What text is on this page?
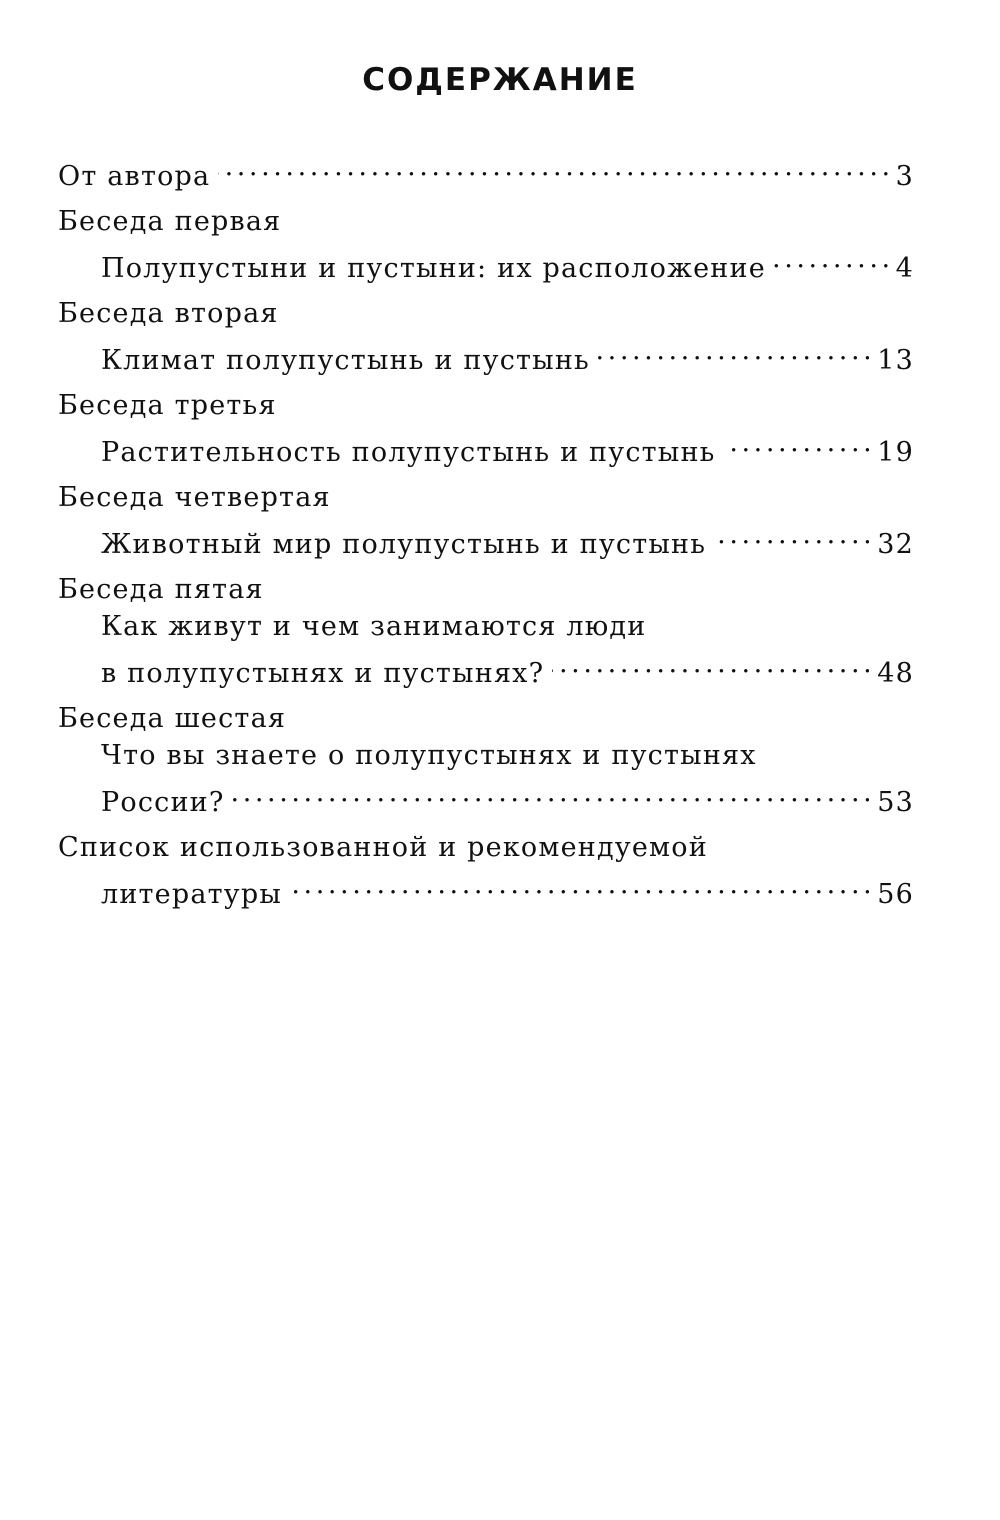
СОДЕРЖАНИЕ
От автора . . .	3
Беседа первая
Полупустыни и пустыни: их расположение . . .	4
Беседа вторая
Климат полупустынь и пустынь . . .	13
Беседа третья
Растительность полупустынь и пустынь . . .	19
Беседа четвертая
Животный мир полупустынь и пустынь . . .	32
Беседа пятая
Как живут и чем занимаются люди
в полупустынях и пустынях? . . .	48
Беседа шестая
Что вы знаете о полупустынях и пустынях
России? . . .	53
Список использованной и рекомендуемой
литературы . . .	56
